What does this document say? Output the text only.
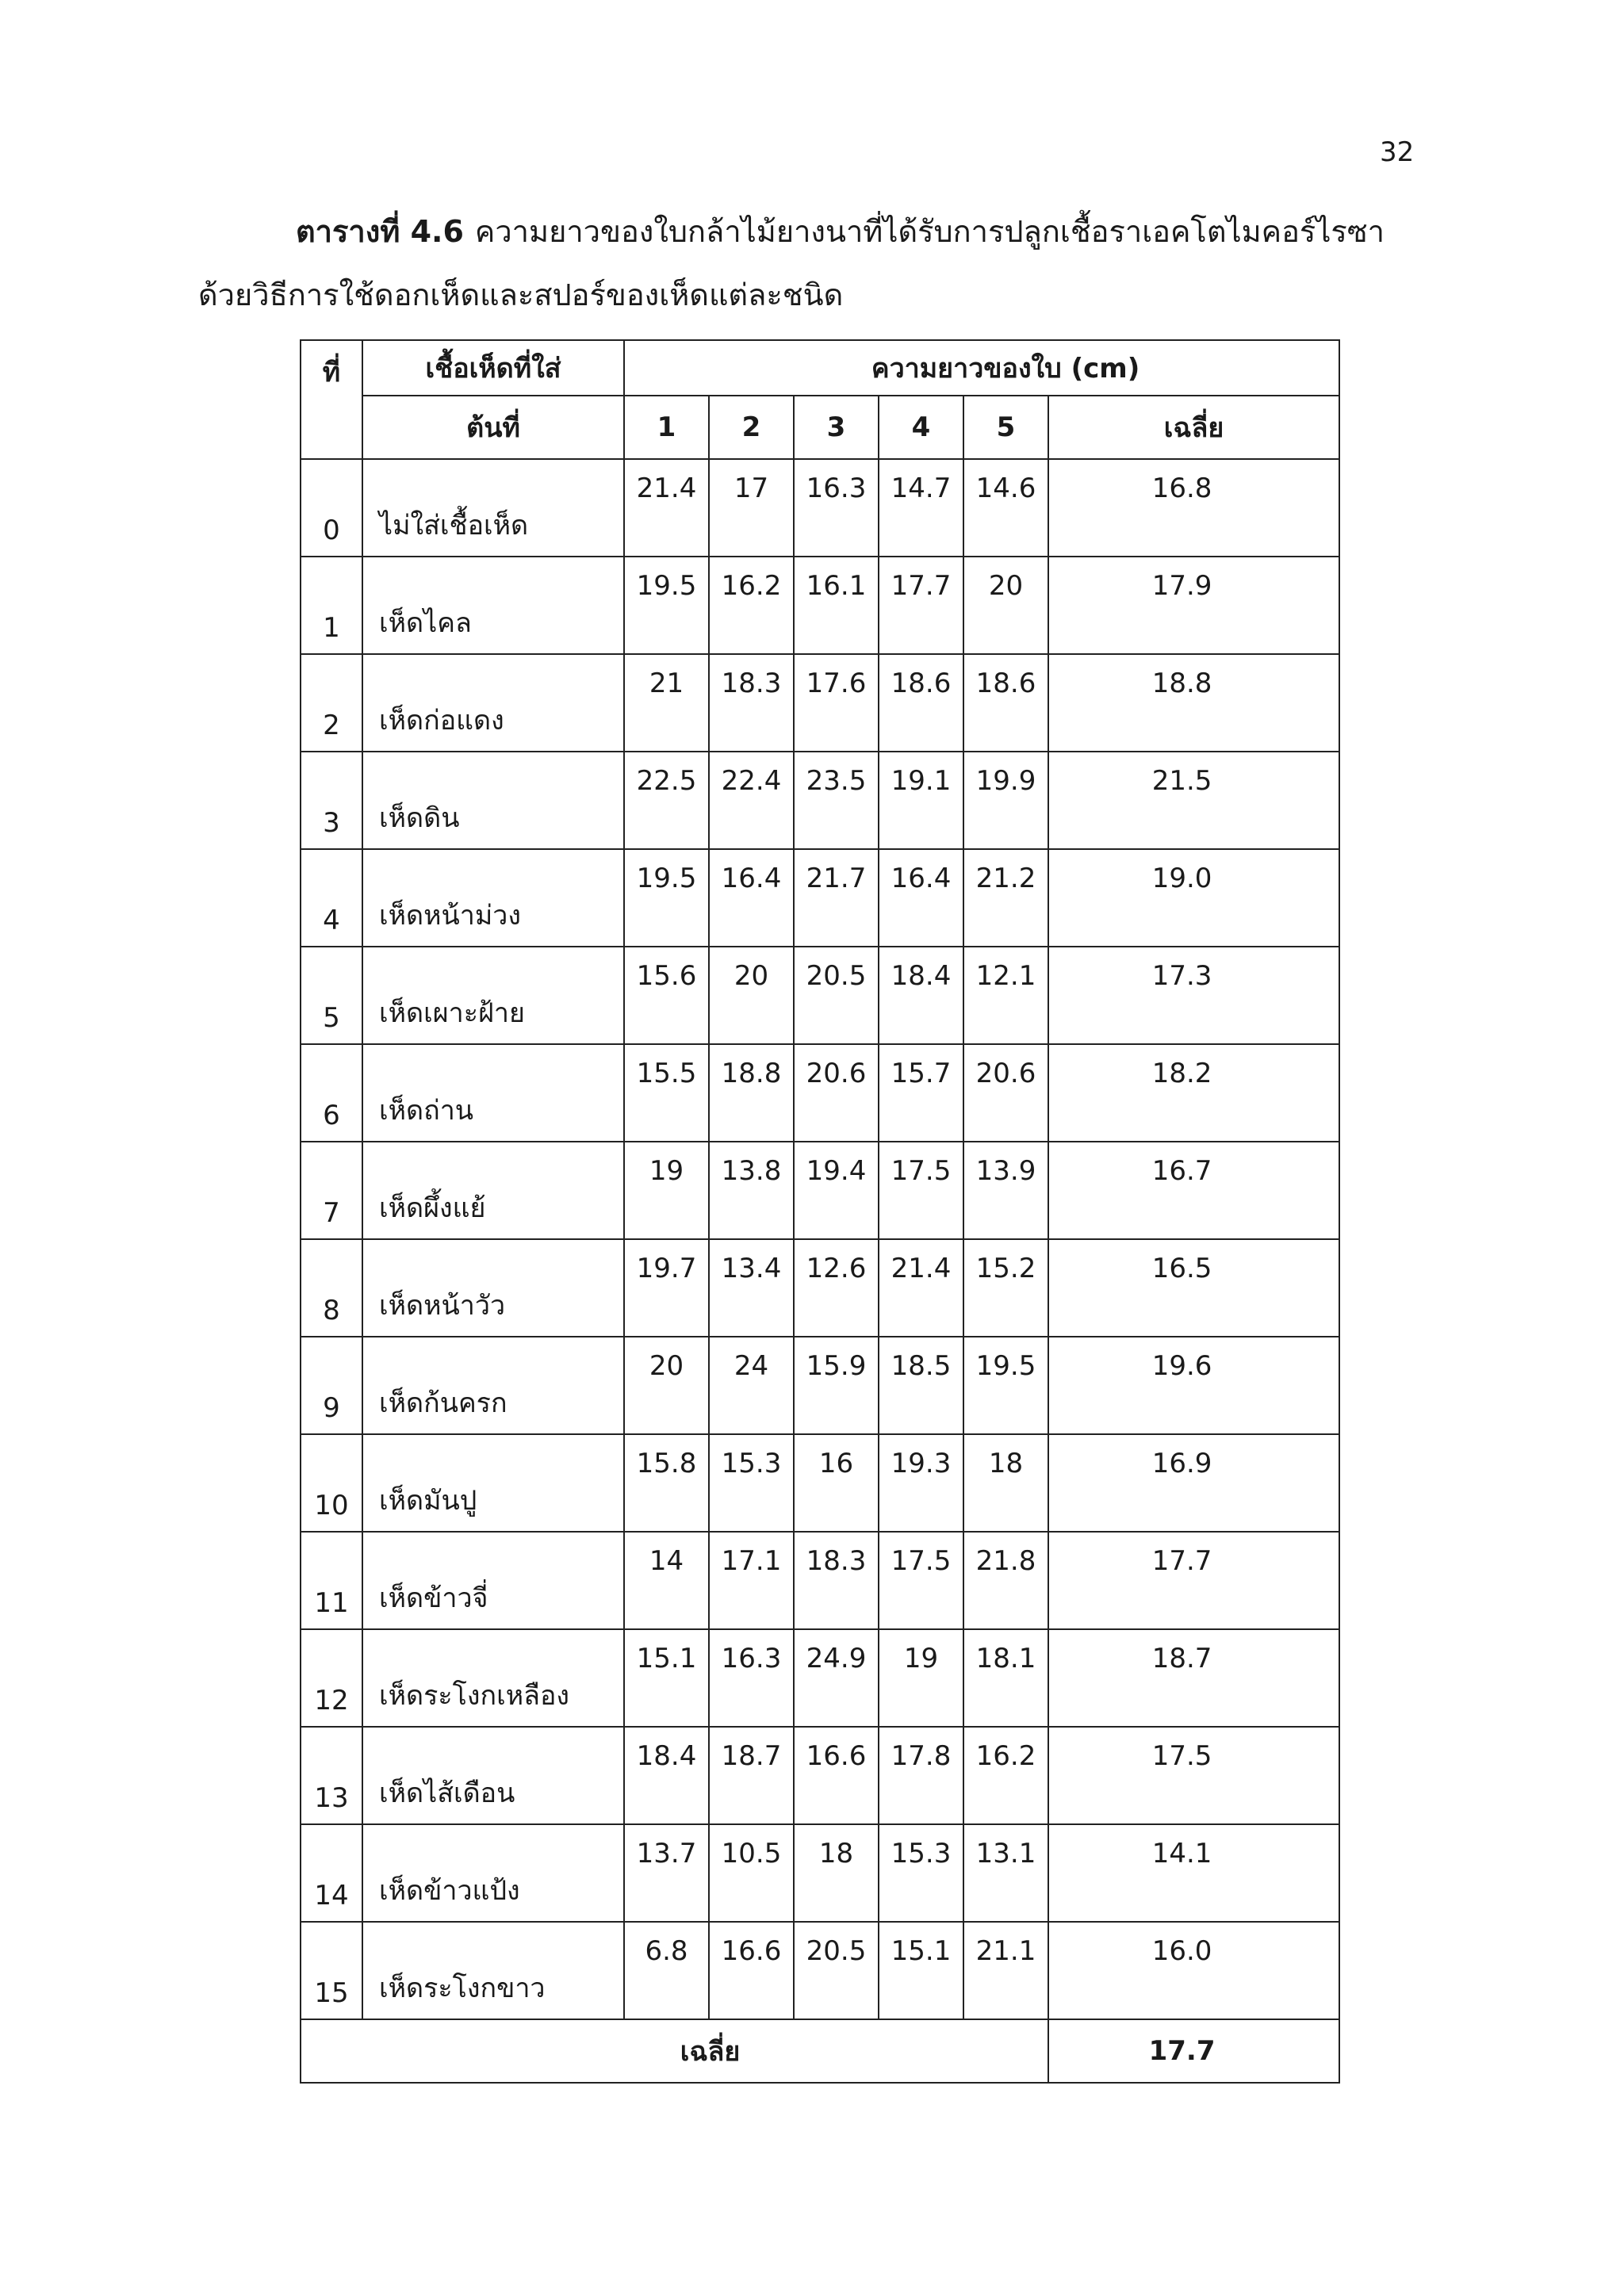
32
ตารางที่ 4.6 ความยาวของใบกล้าไม้ยางนาที่ได้รับการปลูกเชื้อราเอคโตไมคอร์ไรซาด้วยวิธีการใช้ดอกเห็ดและสปอร์ของเห็ดแต่ละชนิด
ที่	เชื้อเห็ดที่ใส่	ความยาวของใบ (cm)					
	ต้นที่	1	2	3	4	5	เฉลี่ย
0	ไม่ใส่เชื้อเห็ด	21.4	17	16.3	14.7	14.6	16.8
1	เห็ดไคล	19.5	16.2	16.1	17.7	20	17.9
2	เห็ดก่อแดง	21	18.3	17.6	18.6	18.6	18.8
3	เห็ดดิน	22.5	22.4	23.5	19.1	19.9	21.5
4	เห็ดหน้าม่วง	19.5	16.4	21.7	16.4	21.2	19.0
5	เห็ดเผาะฝ้าย	15.6	20	20.5	18.4	12.1	17.3
6	เห็ดถ่าน	15.5	18.8	20.6	15.7	20.6	18.2
7	เห็ดผึ้งแย้	19	13.8	19.4	17.5	13.9	16.7
8	เห็ดหน้าวัว	19.7	13.4	12.6	21.4	15.2	16.5
9	เห็ดก้นครก	20	24	15.9	18.5	19.5	19.6
10	เห็ดมันปู	15.8	15.3	16	19.3	18	16.9
11	เห็ดข้าวจี่	14	17.1	18.3	17.5	21.8	17.7
12	เห็ดระโงกเหลือง	15.1	16.3	24.9	19	18.1	18.7
13	เห็ดไส้เดือน	18.4	18.7	16.6	17.8	16.2	17.5
14	เห็ดข้าวแป้ง	13.7	10.5	18	15.3	13.1	14.1
15	เห็ดระโงกขาว	6.8	16.6	20.5	15.1	21.1	16.0
เฉลี่ย							17.7
